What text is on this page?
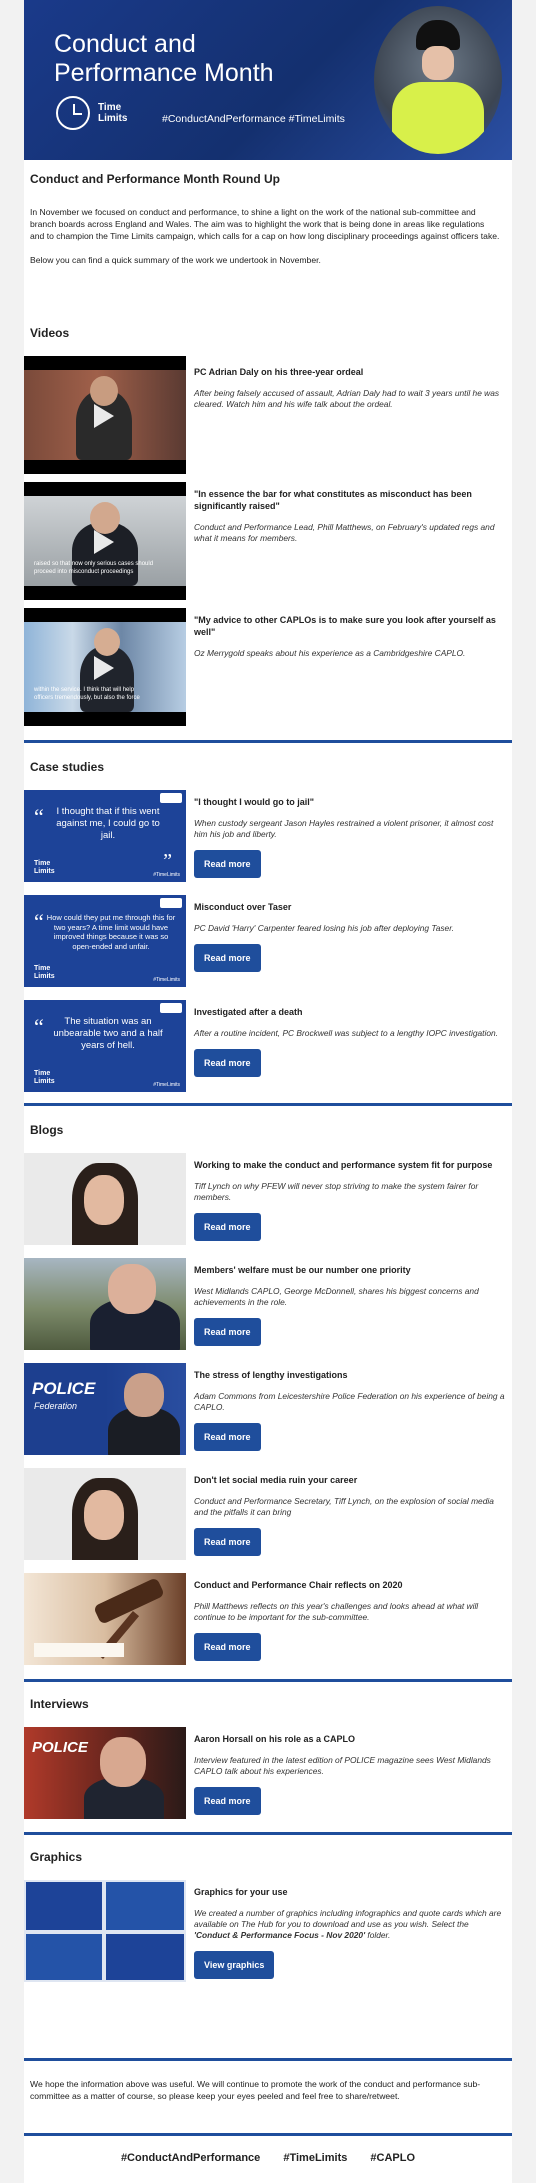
Conduct and
Performance Month
Time
Limits	#ConductAndPerformance #TimeLimits
Conduct and Performance Month Round Up

In November we focused on conduct and performance, to shine a light on the work of the national sub-committee and branch boards across England and Wales. The aim was to highlight the work that is being done in areas like regulations and to champion the Time Limits campaign, which calls for a cap on how long disciplinary proceedings against officers take.

Below you can find a quick summary of the work we undertook in November.

Videos
PC Adrian Daly on his three-year ordeal
After being falsely accused of assault, Adrian Daly had to wait 3 years until he was cleared. Watch him and his wife talk about the ordeal.
raised so that now only serious cases should proceed into misconduct proceedings
"In essence the bar for what constitutes as misconduct has been significantly raised"
Conduct and Performance Lead, Phill Matthews, on February's updated regs and what it means for members.
within the service. I think that will help officers tremendously, but also the force
"My advice to other CAPLOs is to make sure you look after yourself as well"
Oz Merrygold speaks about his experience as a Cambridgeshire CAPLO.
Case studies
“	I thought that if this went against me, I could go to jail.
”
Time
Limits	#TimeLimits
"I thought I would go to jail"
When custody sergeant Jason Hayles restrained a violent prisoner, it almost cost him his job and liberty.
Read more
“ How could they put me through this for two years? A time limit would have improved things because it was so open-ended and unfair.
Time
Limits	#TimeLimits
Misconduct over Taser
PC David 'Harry' Carpenter feared losing his job after deploying Taser.
Read more
“	The situation was an unbearable two and a half years of hell.
Time
Limits	#TimeLimits
Investigated after a death
After a routine incident, PC Brockwell was subject to a lengthy IOPC investigation.
Read more
Blogs
Working to make the conduct and performance system fit for purpose
Tiff Lynch on why PFEW will never stop striving to make the system fairer for members.
Read more
Members' welfare must be our number one priority
West Midlands CAPLO, George McDonnell, shares his biggest concerns and achievements in the role.
Read more
POLICE
Federation
The stress of lengthy investigations
Adam Commons from Leicestershire Police Federation on his experience of being a CAPLO.
Read more
Don't let social media ruin your career
Conduct and Performance Secretary, Tiff Lynch, on the explosion of social media and the pitfalls it can bring
Read more
Conduct and Performance Chair reflects on 2020
Phill Matthews reflects on this year's challenges and looks ahead at what will continue to be important for the sub-committee.
Read more
Interviews
POLICE	Aaron Horsall on his role as a CAPLO
Interview featured in the latest edition of POLICE magazine sees West Midlands CAPLO talk about his experiences.
Read more
Graphics
Graphics for your use
We created a number of graphics including infographics and quote cards which are available on The Hub for you to download and use as you wish. Select the 'Conduct & Performance Focus - Nov 2020' folder.
View graphics
We hope the information above was useful. We will continue to promote the work of the conduct and performance sub-committee as a matter of course, so please keep your eyes peeled and feel free to share/retweet.
#ConductAndPerformance #TimeLimits #CAPLO
